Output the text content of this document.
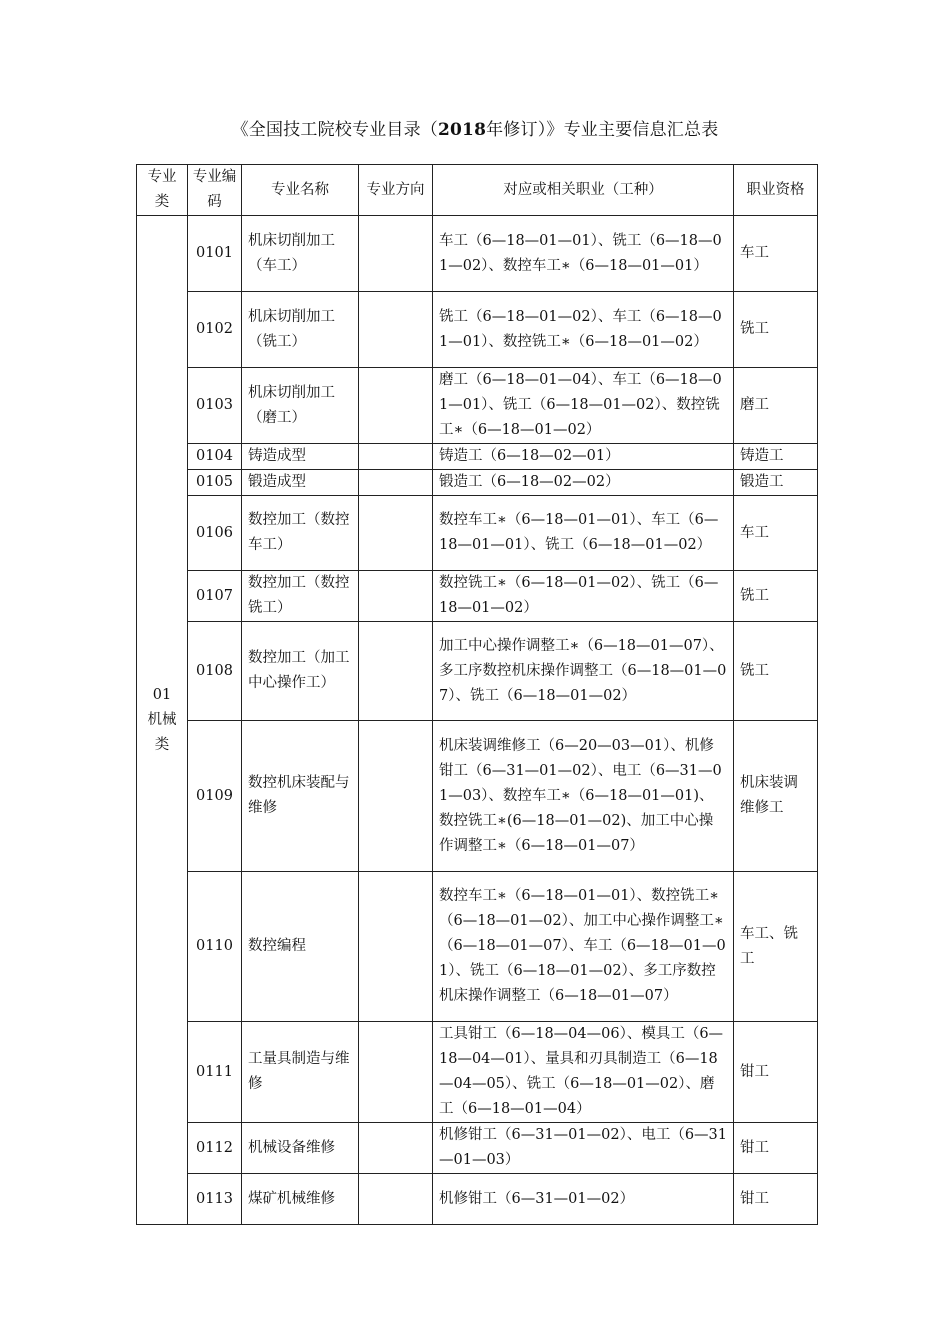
《全国技工院校专业目录（2018年修订）》专业主要信息汇总表
专业类	专业编码	专业名称	专业方向	对应或相关职业（工种）	职业资格

01
机械类	0101	机床切削加工（车工）		车工（6—18—01—01）、铣工（6—18—01—02）、数控车工∗（6—18—01—01）	车工
	0102	机床切削加工（铣工）		铣工（6—18—01—02）、车工（6—18—01—01）、数控铣工∗（6—18—01—02）	铣工
	0103	机床切削加工（磨工）		磨工（6—18—01—04）、车工（6—18—01—01）、铣工（6—18—01—02）、数控铣工∗（6—18—01—02）	磨工
	0104	铸造成型		铸造工（6—18—02—01）	铸造工
	0105	锻造成型		锻造工（6—18—02—02）	锻造工
	0106	数控加工（数控车工）		数控车工∗（6—18—01—01）、车工（6—18—01—01）、铣工（6—18—01—02）	车工
	0107	数控加工（数控铣工）		数控铣工∗（6—18—01—02）、铣工（6—18—01—02）	铣工
	0108	数控加工（加工中心操作工）		加工中心操作调整工∗（6—18—01—07）、多工序数控机床操作调整工（6—18—01—07）、铣工（6—18—01—02）	铣工
	0109	数控机床装配与维修		机床装调维修工（6—20—03—01）、机修钳工（6—31—01—02）、电工（6—31—01—03）、数控车工∗（6—18—01—01)、数控铣工∗(6—18—01—02)、加工中心操作调整工∗（6—18—01—07）	机床装调维修工
	0110	数控编程		数控车工∗（6—18—01—01）、数控铣工∗（6—18—01—02）、加工中心操作调整工∗（6—18—01—07）、车工（6—18—01—01）、铣工（6—18—01—02）、多工序数控机床操作调整工（6—18—01—07）	车工、铣工
	0111	工量具制造与维修		工具钳工（6—18—04—06）、模具工（6—18—04—01）、量具和刃具制造工（6—18—04—05）、铣工（6—18—01—02）、磨工（6—18—01—04）	钳工
	0112	机械设备维修		机修钳工（6—31—01—02）、电工（6—31—01—03）	钳工
	0113	煤矿机械维修		机修钳工（6—31—01—02）	钳工
